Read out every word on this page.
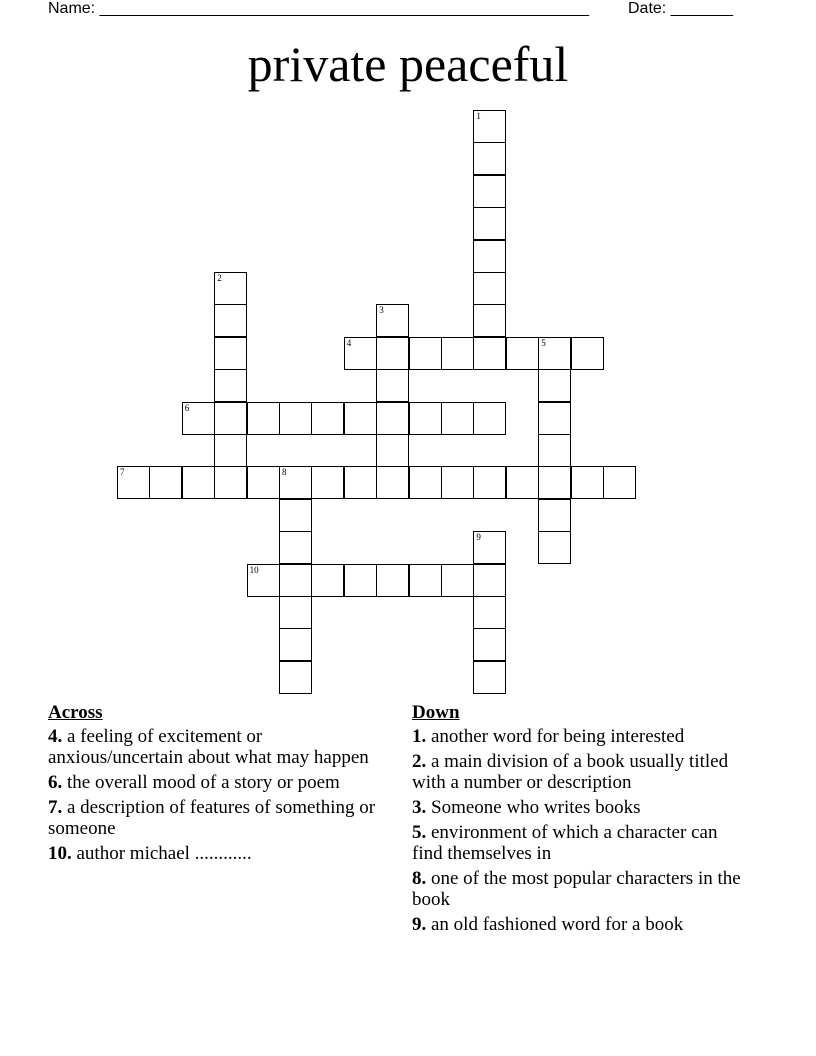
Name: _______________________________________________________ Date: _______
private peaceful
1
2
3
4	5
6
7	8
9
10
Across
4. a feeling of excitement or anxious/uncertain about what may happen
6. the overall mood of a story or poem
7. a description of features of something or someone
10. author michael ............
Down
1. another word for being interested
2. a main division of a book usually titled with a number or description
3. Someone who writes books
5. environment of which a character can find themselves in
8. one of the most popular characters in the book
9. an old fashioned word for a book
